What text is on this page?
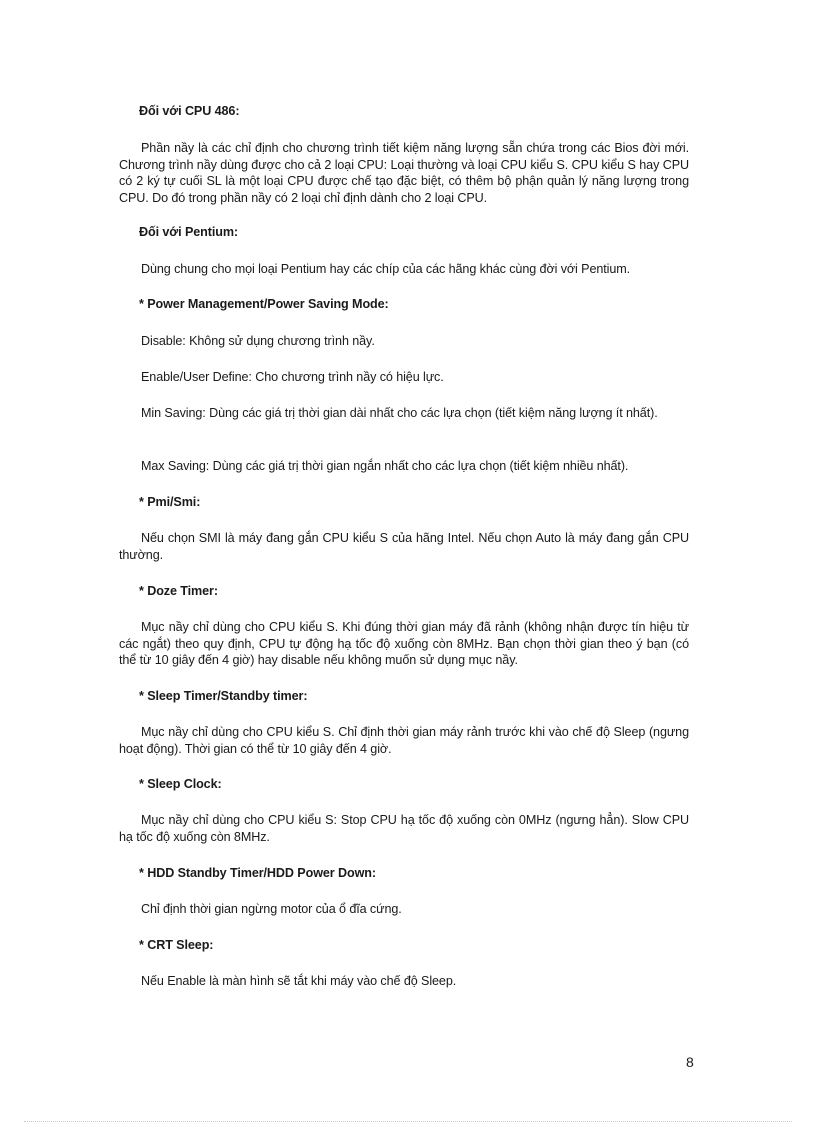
Đối với CPU 486:

Phần nầy là các chỉ định cho chương trình tiết kiệm năng lượng sẵn chứa trong các Bios đời mới. Chương trình nầy dùng được cho cả 2 loại CPU: Loại thường và loại CPU kiểu S. CPU kiểu S hay CPU có 2 ký tự cuối SL là một loại CPU được chế tạo đặc biệt, có thêm bộ phận quản lý năng lượng trong CPU. Do đó trong phần nầy có 2 loại chỉ định dành cho 2 loại CPU.

Đối với Pentium:

Dùng chung cho mọi loại Pentium hay các chíp của các hãng khác cùng đời với Pentium.

* Power Management/Power Saving Mode:

Disable: Không sử dụng chương trình nầy.

Enable/User Define: Cho chương trình nầy có hiệu lực.

Min Saving: Dùng các giá trị thời gian dài nhất cho các lựa chọn (tiết kiệm năng lượng ít nhất).

Max Saving: Dùng các giá trị thời gian ngắn nhất cho các lựa chọn (tiết kiệm nhiều nhất).

* Pmi/Smi:

Nếu chọn SMI là máy đang gắn CPU kiểu S của hãng Intel. Nếu chọn Auto là máy đang gắn CPU thường.

* Doze Timer:

Mục nầy chỉ dùng cho CPU kiểu S. Khi đúng thời gian máy đã rảnh (không nhận được tín hiệu từ các ngắt) theo quy định, CPU tự động hạ tốc độ xuống còn 8MHz. Bạn chọn thời gian theo ý bạn (có thể từ 10 giây đến 4 giờ) hay disable nếu không muốn sử dụng mục nầy.

* Sleep Timer/Standby timer:

Mục nầy chỉ dùng cho CPU kiểu S. Chỉ định thời gian máy rảnh trước khi vào chế độ Sleep (ngưng hoạt động). Thời gian có thể từ 10 giây đến 4 giờ.

* Sleep Clock:

Mục nầy chỉ dùng cho CPU kiểu S: Stop CPU hạ tốc độ xuống còn 0MHz (ngưng hẳn). Slow CPU hạ tốc độ xuống còn 8MHz.

* HDD Standby Timer/HDD Power Down:

Chỉ định thời gian ngừng motor của ổ đĩa cứng.

* CRT Sleep:

Nếu Enable là màn hình sẽ tắt khi máy vào chế độ Sleep.

8
